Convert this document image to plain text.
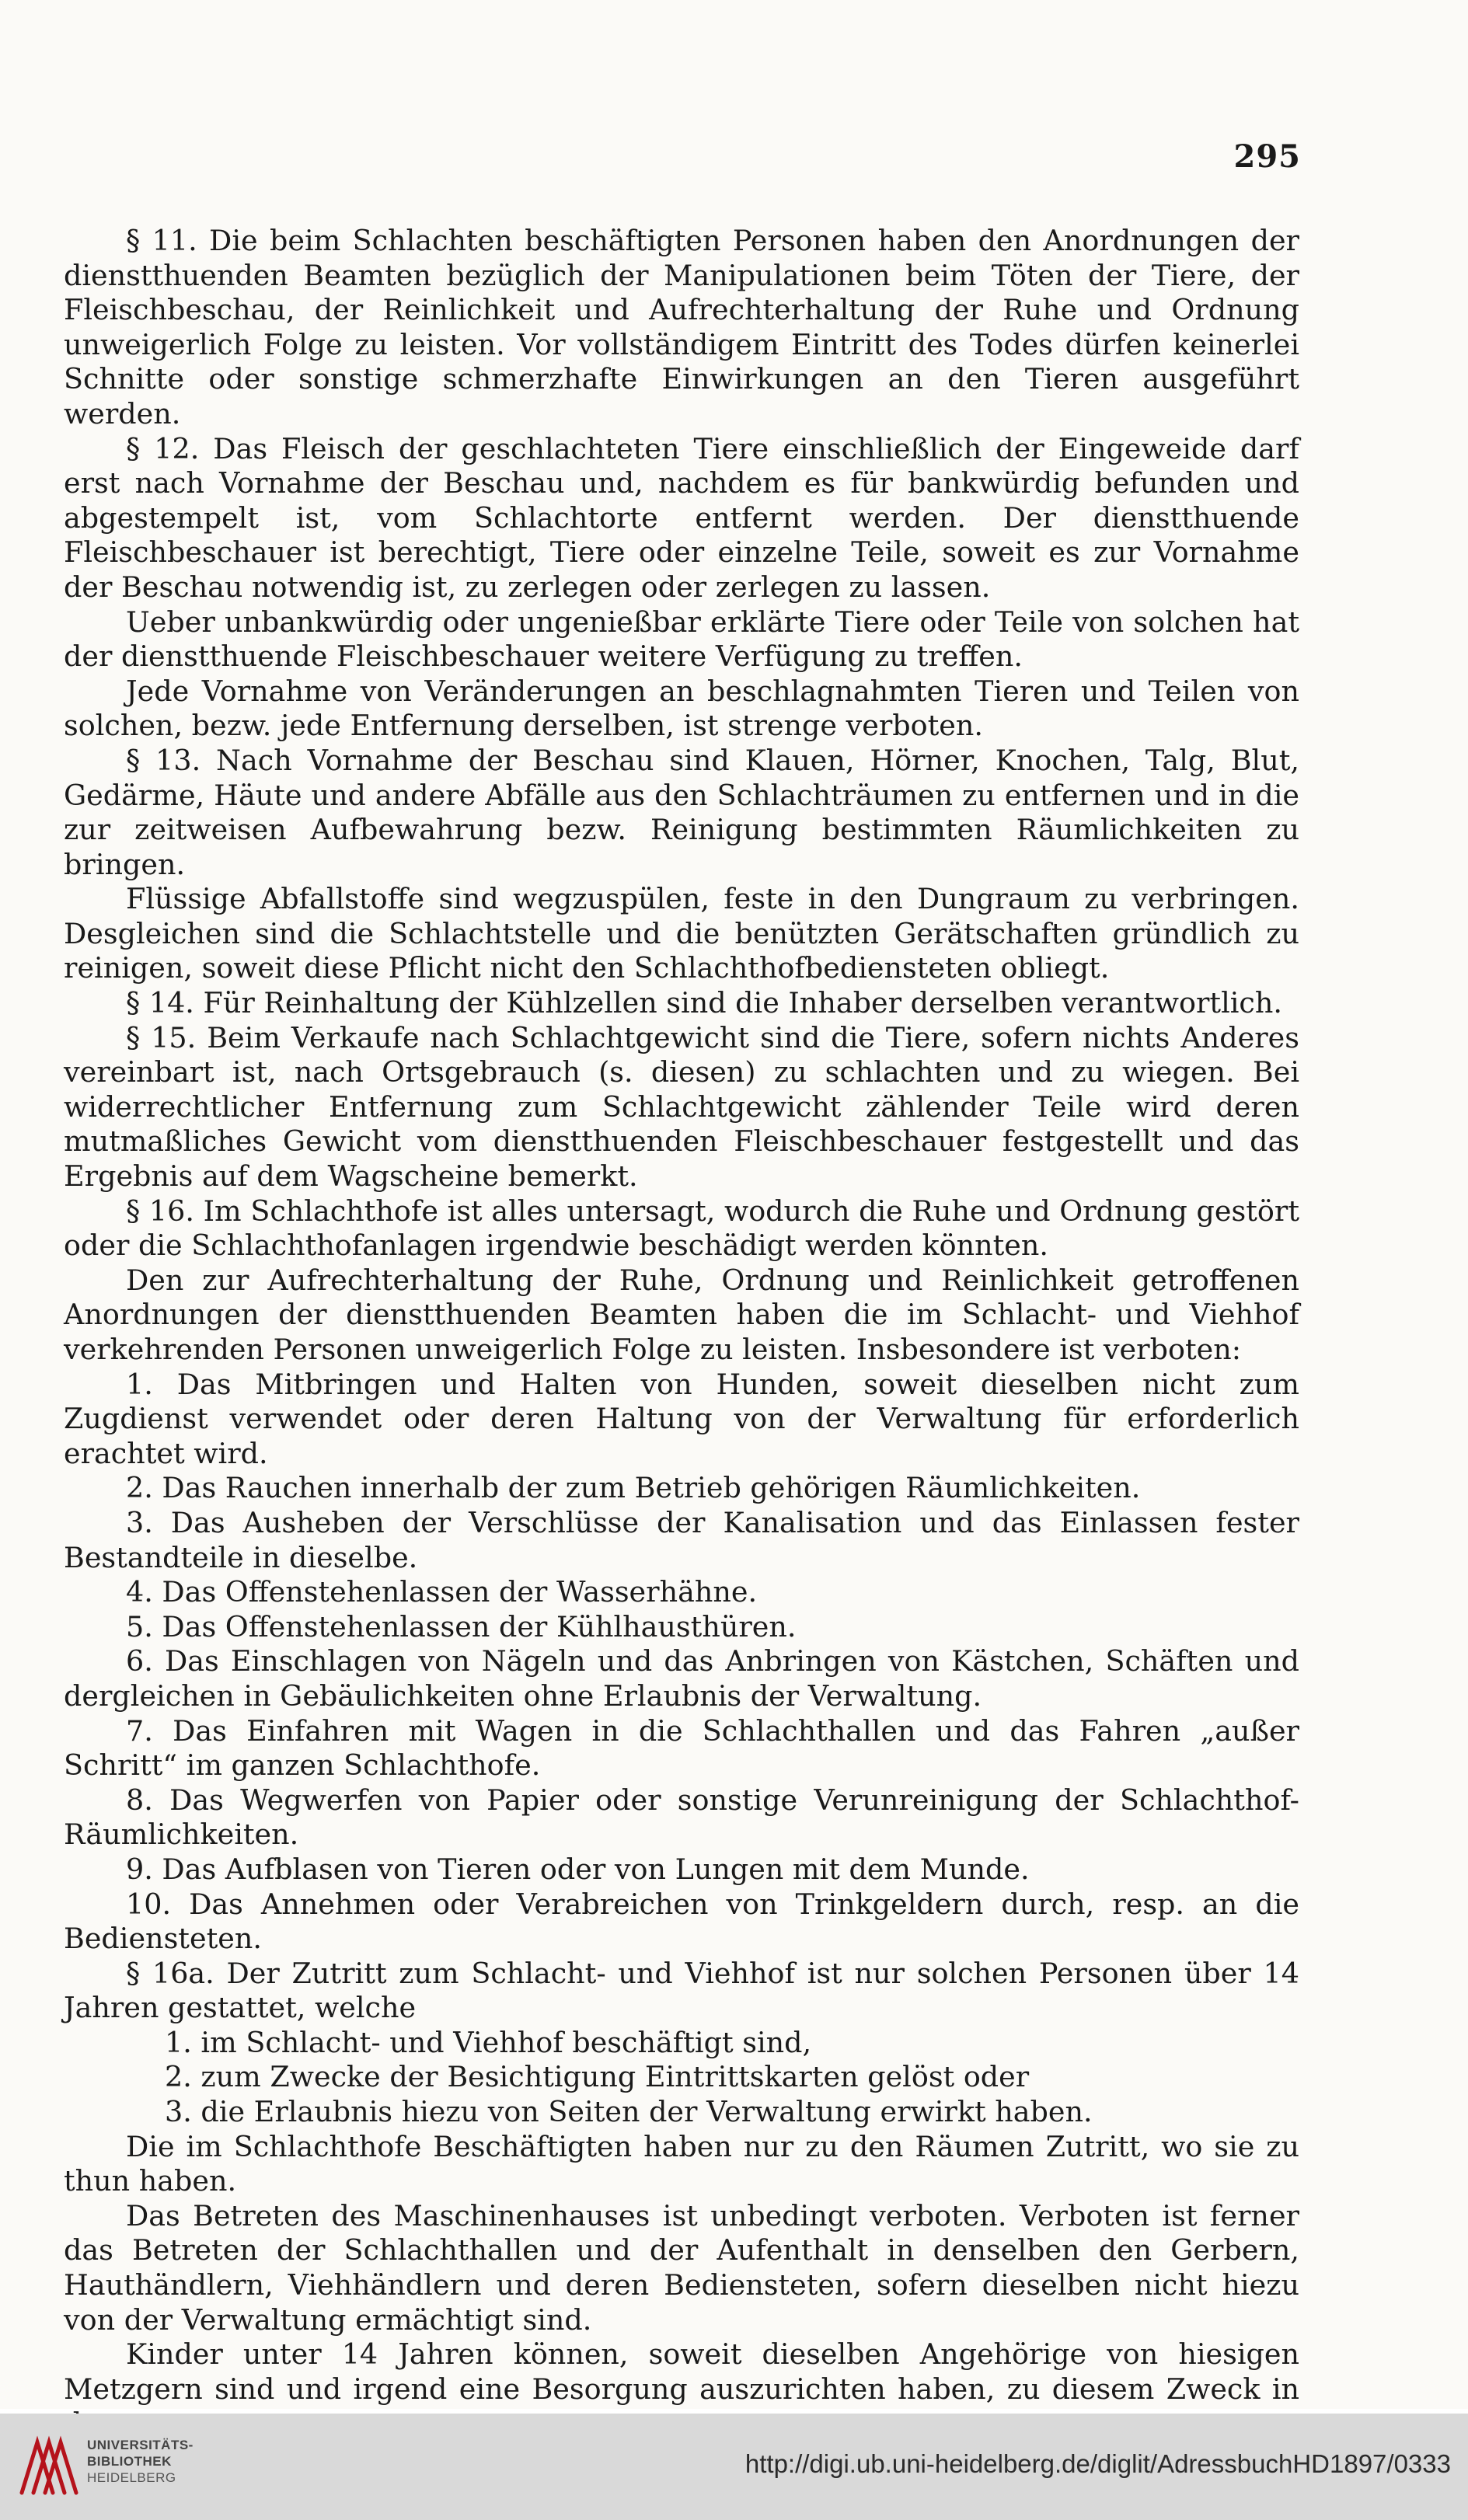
295

§ 11. Die beim Schlachten beschäftigten Personen haben den Anordnungen der dienstthuenden Beamten bezüglich der Manipulationen beim Töten der Tiere, der Fleischbeschau, der Reinlichkeit und Aufrechterhaltung der Ruhe und Ordnung unweigerlich Folge zu leisten. Vor vollständigem Eintritt des Todes dürfen keinerlei Schnitte oder sonstige schmerzhafte Einwirkungen an den Tieren ausgeführt werden.

§ 12. Das Fleisch der geschlachteten Tiere einschließlich der Eingeweide darf erst nach Vornahme der Beschau und, nachdem es für bankwürdig befunden und abgestempelt ist, vom Schlachtorte entfernt werden. Der dienstthuende Fleischbeschauer ist berechtigt, Tiere oder einzelne Teile, soweit es zur Vornahme der Beschau notwendig ist, zu zerlegen oder zerlegen zu lassen.

Ueber unbankwürdig oder ungenießbar erklärte Tiere oder Teile von solchen hat der dienstthuende Fleischbeschauer weitere Verfügung zu treffen.

Jede Vornahme von Veränderungen an beschlagnahmten Tieren und Teilen von solchen, bezw. jede Entfernung derselben, ist strenge verboten.

§ 13. Nach Vornahme der Beschau sind Klauen, Hörner, Knochen, Talg, Blut, Gedärme, Häute und andere Abfälle aus den Schlachträumen zu entfernen und in die zur zeitweisen Aufbewahrung bezw. Reinigung bestimmten Räumlichkeiten zu bringen.

Flüssige Abfallstoffe sind wegzuspülen, feste in den Dungraum zu verbringen. Desgleichen sind die Schlachtstelle und die benützten Gerätschaften gründlich zu reinigen, soweit diese Pflicht nicht den Schlachthofbediensteten obliegt.

§ 14. Für Reinhaltung der Kühlzellen sind die Inhaber derselben verantwortlich.

§ 15. Beim Verkaufe nach Schlachtgewicht sind die Tiere, sofern nichts Anderes vereinbart ist, nach Ortsgebrauch (s. diesen) zu schlachten und zu wiegen. Bei widerrechtlicher Entfernung zum Schlachtgewicht zählender Teile wird deren mutmaßliches Gewicht vom dienstthuenden Fleischbeschauer festgestellt und das Ergebnis auf dem Wagscheine bemerkt.

§ 16. Im Schlachthofe ist alles untersagt, wodurch die Ruhe und Ordnung gestört oder die Schlachthofanlagen irgendwie beschädigt werden könnten.

Den zur Aufrechterhaltung der Ruhe, Ordnung und Reinlichkeit getroffenen Anordnungen der dienstthuenden Beamten haben die im Schlacht- und Viehhof verkehrenden Personen unweigerlich Folge zu leisten. Insbesondere ist verboten:

1. Das Mitbringen und Halten von Hunden, soweit dieselben nicht zum Zugdienst verwendet oder deren Haltung von der Verwaltung für erforderlich erachtet wird.

2. Das Rauchen innerhalb der zum Betrieb gehörigen Räumlichkeiten.

3. Das Ausheben der Verschlüsse der Kanalisation und das Einlassen fester Bestandteile in dieselbe.

4. Das Offenstehenlassen der Wasserhähne.

5. Das Offenstehenlassen der Kühlhausthüren.

6. Das Einschlagen von Nägeln und das Anbringen von Kästchen, Schäften und dergleichen in Gebäulichkeiten ohne Erlaubnis der Verwaltung.

7. Das Einfahren mit Wagen in die Schlachthallen und das Fahren „außer Schritt“ im ganzen Schlachthofe.

8. Das Wegwerfen von Papier oder sonstige Verunreinigung der Schlachthof-Räumlichkeiten.

9. Das Aufblasen von Tieren oder von Lungen mit dem Munde.

10. Das Annehmen oder Verabreichen von Trinkgeldern durch, resp. an die Bediensteten.

§ 16a. Der Zutritt zum Schlacht- und Viehhof ist nur solchen Personen über 14 Jahren gestattet, welche

1. im Schlacht- und Viehhof beschäftigt sind,

2. zum Zwecke der Besichtigung Eintrittskarten gelöst oder

3. die Erlaubnis hiezu von Seiten der Verwaltung erwirkt haben.

Die im Schlachthofe Beschäftigten haben nur zu den Räumen Zutritt, wo sie zu thun haben.

Das Betreten des Maschinenhauses ist unbedingt verboten. Verboten ist ferner das Betreten der Schlachthallen und der Aufenthalt in denselben den Gerbern, Hauthändlern, Viehhändlern und deren Bediensteten, sofern dieselben nicht hiezu von der Verwaltung ermächtigt sind.

Kinder unter 14 Jahren können, soweit dieselben Angehörige von hiesigen Metzgern sind und irgend eine Besorgung auszurichten haben, zu diesem Zweck in

UNIVERSITÄTS-
BIBLIOTHEK
HEIDELBERG	http://digi.ub.uni-heidelberg.de/diglit/AdressbuchHD1897/0333
